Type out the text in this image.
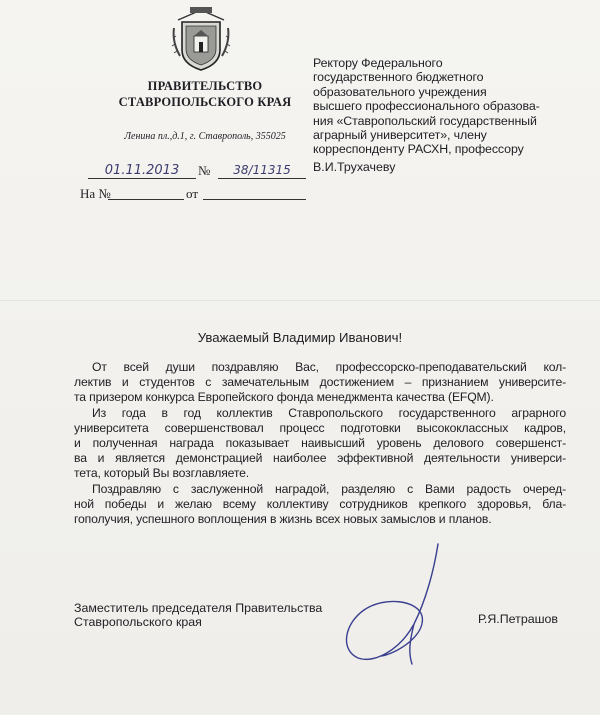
ПРАВИТЕЛЬСТВО
СТАВРОПОЛЬСКОГО КРАЯ
Ленина пл.,д.1, г. Ставрополь, 355025
01.11.2013	№	38/11315
На №	от
Ректору Федерального
государственного бюджетного
образовательного учреждения
высшего профессионального образова-
ния «Ставропольский государственный
аграрный университет», члену
корреспонденту РАСХН, профессору
В.И.Трухачеву
Уважаемый Владимир Иванович!

От всей души поздравляю Вас, профессорско-преподавательский кол-
лектив и студентов с замечательным достижением – признанием университе-
та призером конкурса Европейского фонда менеджмента качества (EFQM).

Из года в год коллектив Ставропольского государственного аграрного
университета совершенствовал процесс подготовки высококлассных кадров,
и полученная награда показывает наивысший уровень делового совершенст-
ва и является демонстрацией наиболее эффективной деятельности универси-
тета, который Вы возглавляете.

Поздравляю с заслуженной наградой, разделяю с Вами радость очеред-
ной победы и желаю всему коллективу сотрудников крепкого здоровья, бла-
гополучия, успешного воплощения в жизнь всех новых замыслов и планов.

Заместитель председателя Правительства
Ставропольского края	Р.Я.Петрашов
